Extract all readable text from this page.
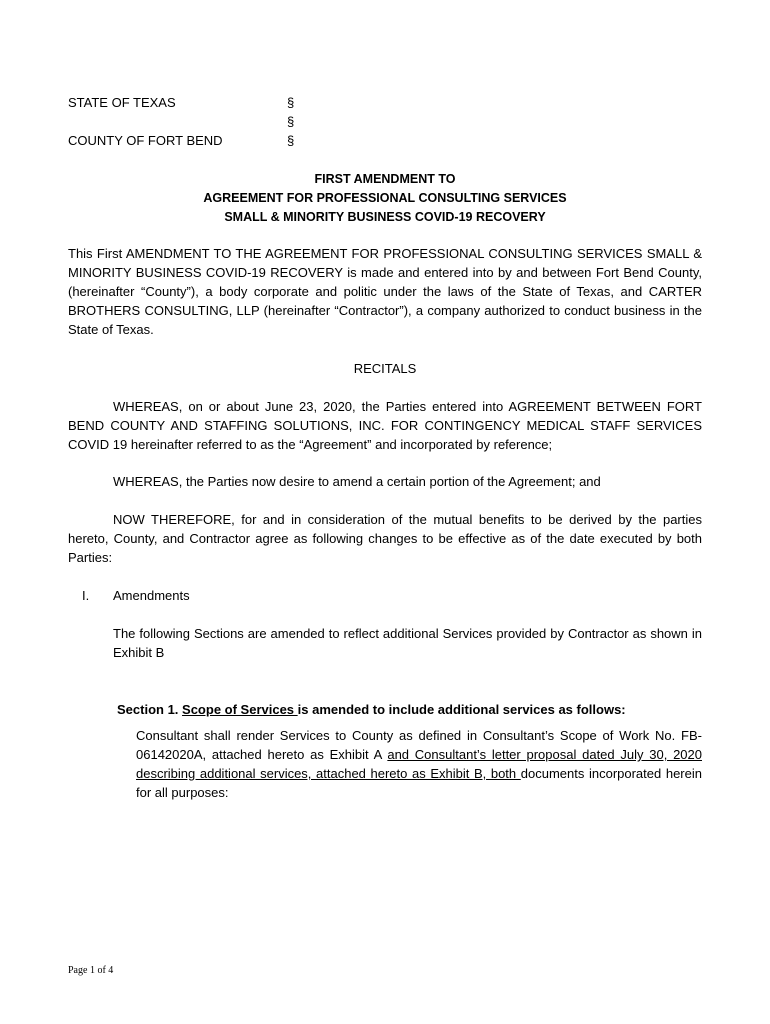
STATE OF TEXAS	§
§
COUNTY OF FORT BEND	§
FIRST AMENDMENT TO
AGREEMENT FOR PROFESSIONAL CONSULTING SERVICES
SMALL & MINORITY BUSINESS COVID-19 RECOVERY
This First AMENDMENT TO THE AGREEMENT FOR PROFESSIONAL CONSULTING SERVICES SMALL & MINORITY BUSINESS COVID-19 RECOVERY is made and entered into by and between Fort Bend County, (hereinafter “County”), a body corporate and politic under the laws of the State of Texas, and CARTER BROTHERS CONSULTING, LLP (hereinafter “Contractor”), a company authorized to conduct business in the State of Texas.
RECITALS
WHEREAS, on or about June 23, 2020, the Parties entered into AGREEMENT BETWEEN FORT BEND COUNTY AND STAFFING SOLUTIONS, INC. FOR CONTINGENCY MEDICAL STAFF SERVICES COVID 19 hereinafter referred to as the “Agreement” and incorporated by reference;
WHEREAS, the Parties now desire to amend a certain portion of the Agreement; and
NOW THEREFORE, for and in consideration of the mutual benefits to be derived by the parties hereto, County, and Contractor agree as following changes to be effective as of the date executed by both Parties:
I. Amendments
The following Sections are amended to reflect additional Services provided by Contractor as shown in Exhibit B
Section 1. Scope of Services is amended to include additional services as follows:
Consultant shall render Services to County as defined in Consultant’s Scope of Work No. FB-06142020A, attached hereto as Exhibit A and Consultant’s letter proposal dated July 30, 2020 describing additional services, attached hereto as Exhibit B, both documents incorporated herein for all purposes:
Page 1 of 4
